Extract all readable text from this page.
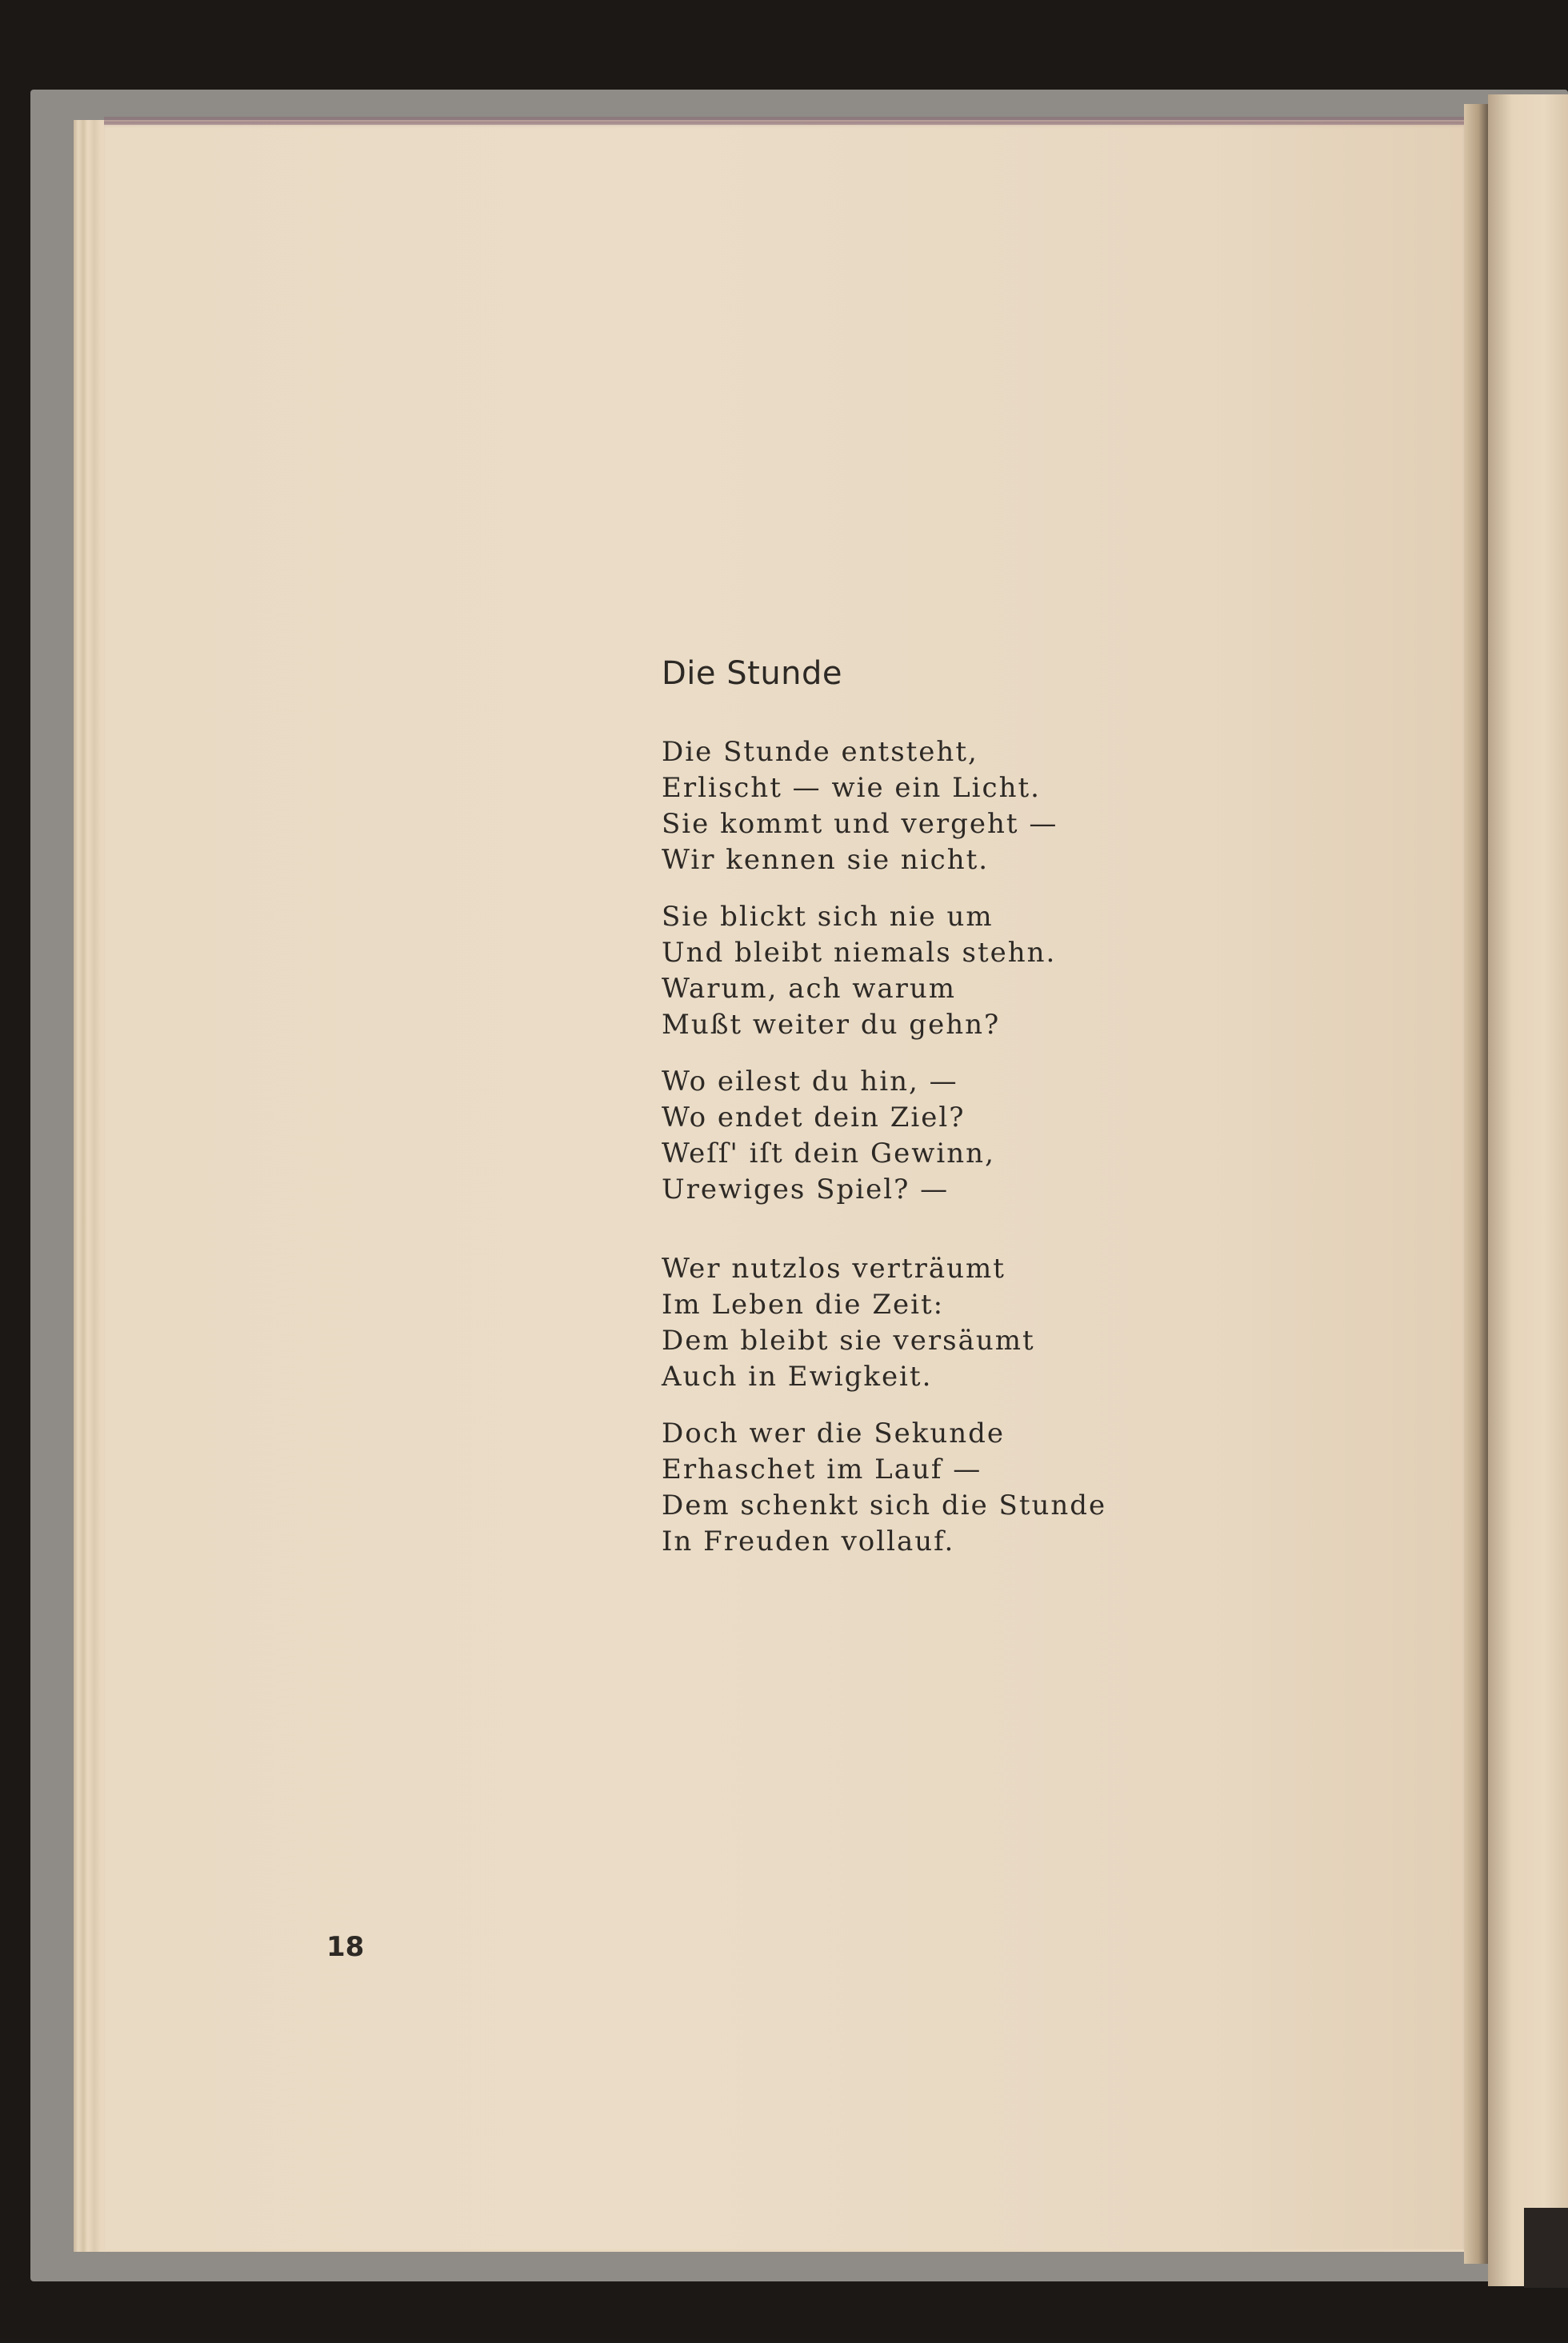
Die Stunde
Die Stunde entsteht,
Erlischt — wie ein Licht.
Sie kommt und vergeht —
Wir kennen sie nicht.
Sie blickt sich nie um
Und bleibt niemals stehn.
Warum, ach warum
Mußt weiter du gehn?
Wo eilest du hin, —
Wo endet dein Ziel?
Weſſ' iſt dein Gewinn,
Urewiges Spiel? —
Wer nutzlos verträumt
Im Leben die Zeit:
Dem bleibt sie versäumt
Auch in Ewigkeit.
Doch wer die Sekunde
Erhaschet im Lauf —
Dem schenkt sich die Stunde
In Freuden vollauf.
18
